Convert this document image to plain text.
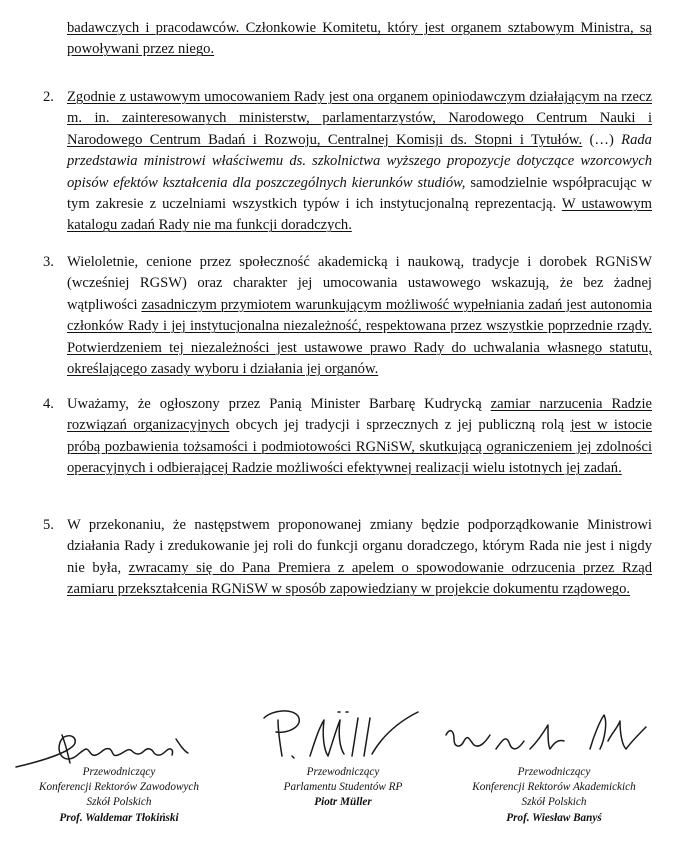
badawczych i pracodawców. Członkowie Komitetu, który jest organem sztabowym Ministra, są powoływani przez niego.

2. Zgodnie z ustawowym umocowaniem Rady jest ona organem opiniodawczym działającym na rzecz m. in. zainteresowanych ministerstw, parlamentarzystów, Narodowego Centrum Nauki i Narodowego Centrum Badań i Rozwoju, Centralnej Komisji ds. Stopni i Tytułów. (…) Rada przedstawia ministrowi właściwemu ds. szkolnictwa wyższego propozycje dotyczące wzorcowych opisów efektów kształcenia dla poszczególnych kierunków studiów, samodzielnie współpracując w tym zakresie z uczelniami wszystkich typów i ich instytucjonalną reprezentacją. W ustawowym katalogu zadań Rady nie ma funkcji doradczych.

3. Wieloletnie, cenione przez społeczność akademicką i naukową, tradycje i dorobek RGNiSW (wcześniej RGSW) oraz charakter jej umocowania ustawowego wskazują, że bez żadnej wątpliwości zasadniczym przymiotem warunkującym możliwość wypełniania zadań jest autonomia członków Rady i jej instytucjonalna niezależność, respektowana przez wszystkie poprzednie rządy. Potwierdzeniem tej niezależności jest ustawowe prawo Rady do uchwalania własnego statutu, określającego zasady wyboru i działania jej organów.

4. Uważamy, że ogłoszony przez Panią Minister Barbarę Kudrycką zamiar narzucenia Radzie rozwiązań organizacyjnych obcych jej tradycji i sprzecznych z jej publiczną rolą jest w istocie próbą pozbawienia tożsamości i podmiotowości RGNiSW, skutkującą ograniczeniem jej zdolności operacyjnych i odbierającej Radzie możliwości efektywnej realizacji wielu istotnych jej zadań.

5. W przekonaniu, że następstwem proponowanej zmiany będzie podporządkowanie Ministrowi działania Rady i zredukowanie jej roli do funkcji organu doradczego, którym Rada nie jest i nigdy nie była, zwracamy się do Pana Premiera z apelem o spowodowanie odrzucenia przez Rząd zamiaru przekształcenia RGNiSW w sposób zapowiedziany w projekcie dokumentu rządowego.

Przewodniczący
Konferencji Rektorów Zawodowych
Szkół Polskich
Prof. Waldemar Tłokiński
Przewodniczący
Parlamentu Studentów RP
Piotr Müller
Przewodniczący
Konferencji Rektorów Akademickich
Szkół Polskich
Prof. Wiesław Banyś
